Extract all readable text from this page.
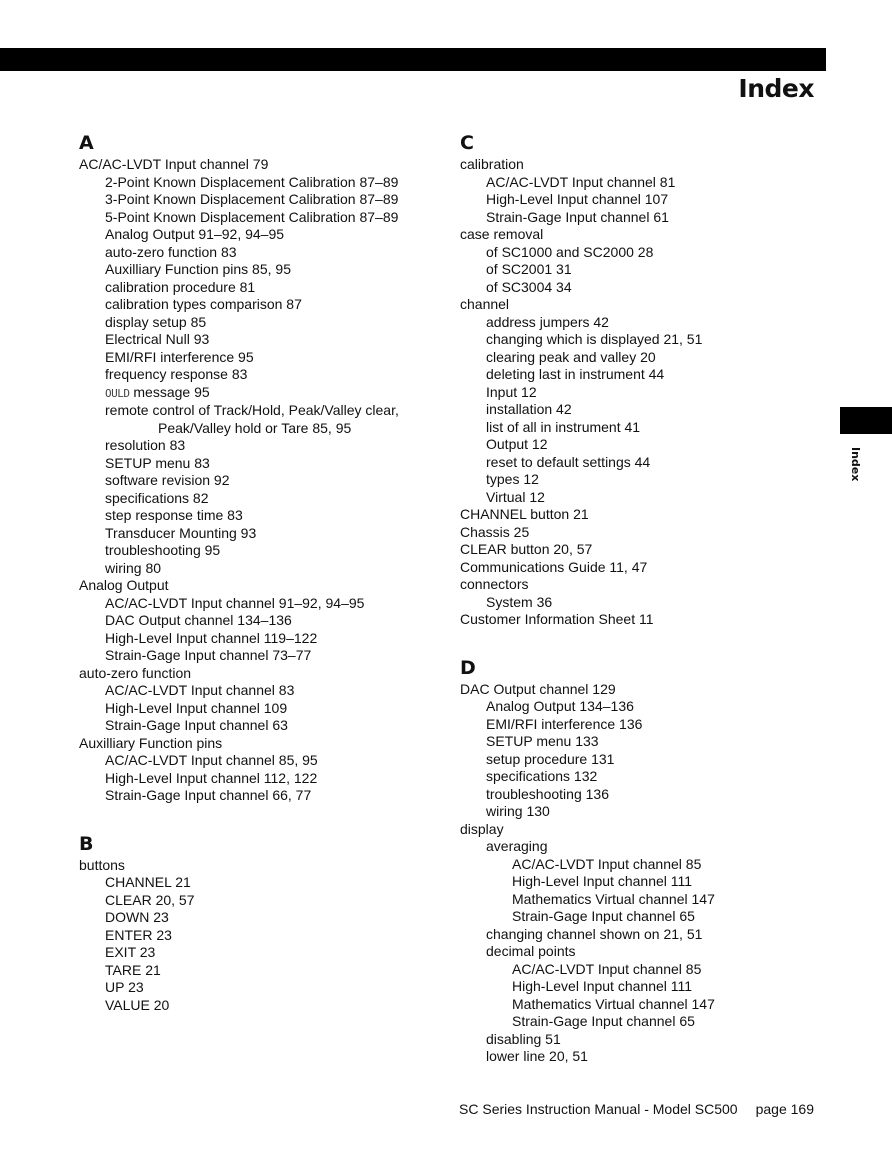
Index
Index
A
AC/AC-LVDT Input channel 79
2-Point Known Displacement Calibration 87–89
3-Point Known Displacement Calibration 87–89
5-Point Known Displacement Calibration 87–89
Analog Output 91–92, 94–95
auto-zero function 83
Auxilliary Function pins 85, 95
calibration procedure 81
calibration types comparison 87
display setup 85
Electrical Null 93
EMI/RFI interference 95
frequency response 83
OULD message 95
remote control of Track/Hold, Peak/Valley clear,
Peak/Valley hold or Tare 85, 95
resolution 83
SETUP menu 83
software revision 92
specifications 82
step response time 83
Transducer Mounting 93
troubleshooting 95
wiring 80
Analog Output
AC/AC-LVDT Input channel 91–92, 94–95
DAC Output channel 134–136
High-Level Input channel 119–122
Strain-Gage Input channel 73–77
auto-zero function
AC/AC-LVDT Input channel 83
High-Level Input channel 109
Strain-Gage Input channel 63
Auxilliary Function pins
AC/AC-LVDT Input channel 85, 95
High-Level Input channel 112, 122
Strain-Gage Input channel 66, 77
B
buttons
CHANNEL 21
CLEAR 20, 57
DOWN 23
ENTER 23
EXIT 23
TARE 21
UP 23
VALUE 20
C
calibration
AC/AC-LVDT Input channel 81
High-Level Input channel 107
Strain-Gage Input channel 61
case removal
of SC1000 and SC2000 28
of SC2001 31
of SC3004 34
channel
address jumpers 42
changing which is displayed 21, 51
clearing peak and valley 20
deleting last in instrument 44
Input 12
installation 42
list of all in instrument 41
Output 12
reset to default settings 44
types 12
Virtual 12
CHANNEL button 21
Chassis 25
CLEAR button 20, 57
Communications Guide 11, 47
connectors
System 36
Customer Information Sheet 11
D
DAC Output channel 129
Analog Output 134–136
EMI/RFI interference 136
SETUP menu 133
setup procedure 131
specifications 132
troubleshooting 136
wiring 130
display
averaging
AC/AC-LVDT Input channel 85
High-Level Input channel 111
Mathematics Virtual channel 147
Strain-Gage Input channel 65
changing channel shown on 21, 51
decimal points
AC/AC-LVDT Input channel 85
High-Level Input channel 111
Mathematics Virtual channel 147
Strain-Gage Input channel 65
disabling 51
lower line 20, 51
SC Series Instruction Manual - Model SC500 page 169
